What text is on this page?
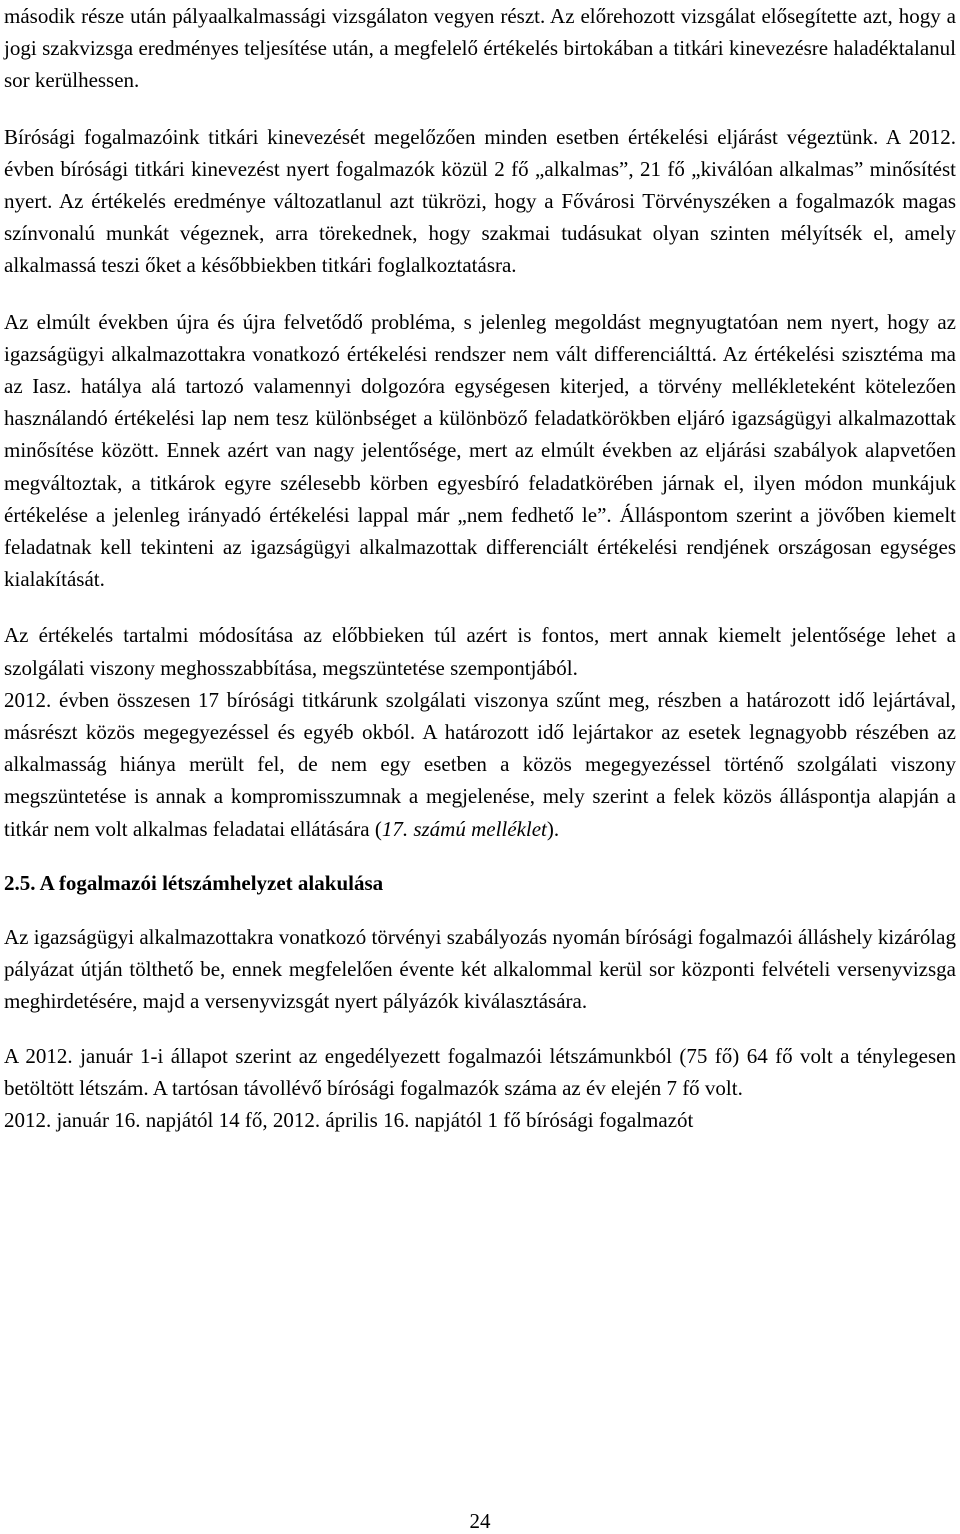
második része után pályaalkalmassági vizsgálaton vegyen részt. Az előrehozott vizsgálat elősegítette azt, hogy a jogi szakvizsga eredményes teljesítése után, a megfelelő értékelés birtokában a titkári kinevezésre haladéktalanul sor kerülhessen.

Bírósági fogalmazóink titkári kinevezését megelőzően minden esetben értékelési eljárást végeztünk. A 2012. évben bírósági titkári kinevezést nyert fogalmazók közül 2 fő „alkalmas”, 21 fő „kiválóan alkalmas” minősítést nyert. Az értékelés eredménye változatlanul azt tükrözi, hogy a Fővárosi Törvényszéken a fogalmazók magas színvonalú munkát végeznek, arra törekednek, hogy szakmai tudásukat olyan szinten mélyítsék el, amely alkalmassá teszi őket a későbbiekben titkári foglalkoztatásra.

Az elmúlt években újra és újra felvetődő probléma, s jelenleg megoldást megnyugtatóan nem nyert, hogy az igazságügyi alkalmazottakra vonatkozó értékelési rendszer nem vált differenciálttá. Az értékelési szisztéma ma az Iasz. hatálya alá tartozó valamennyi dolgozóra egységesen kiterjed, a törvény mellékleteként kötelezően használandó értékelési lap nem tesz különbséget a különböző feladatkörökben eljáró igazságügyi alkalmazottak minősítése között. Ennek azért van nagy jelentősége, mert az elmúlt években az eljárási szabályok alapvetően megváltoztak, a titkárok egyre szélesebb körben egyesbíró feladatkörében járnak el, ilyen módon munkájuk értékelése a jelenleg irányadó értékelési lappal már „nem fedhető le”. Álláspontom szerint a jövőben kiemelt feladatnak kell tekinteni az igazságügyi alkalmazottak differenciált értékelési rendjének országosan egységes kialakítását.

Az értékelés tartalmi módosítása az előbbieken túl azért is fontos, mert annak kiemelt jelentősége lehet a szolgálati viszony meghosszabbítása, megszüntetése szempontjából.

2012. évben összesen 17 bírósági titkárunk szolgálati viszonya szűnt meg, részben a határozott idő lejártával, másrészt közös megegyezéssel és egyéb okból. A határozott idő lejártakor az esetek legnagyobb részében az alkalmasság hiánya merült fel, de nem egy esetben a közös megegyezéssel történő szolgálati viszony megszüntetése is annak a kompromisszumnak a megjelenése, mely szerint a felek közös álláspontja alapján a titkár nem volt alkalmas feladatai ellátására (17. számú melléklet).

2.5. A fogalmazói létszámhelyzet alakulása

Az igazságügyi alkalmazottakra vonatkozó törvényi szabályozás nyomán bírósági fogalmazói álláshely kizárólag pályázat útján tölthető be, ennek megfelelően évente két alkalommal kerül sor központi felvételi versenyvizsga meghirdetésére, majd a versenyvizsgát nyert pályázók kiválasztására.

A 2012. január 1-i állapot szerint az engedélyezett fogalmazói létszámunkból (75 fő) 64 fő volt a ténylegesen betöltött létszám. A tartósan távollévő bírósági fogalmazók száma az év elején 7 fő volt.

2012. január 16. napjától 14 fő, 2012. április 16. napjától 1 fő bírósági fogalmazót

24
